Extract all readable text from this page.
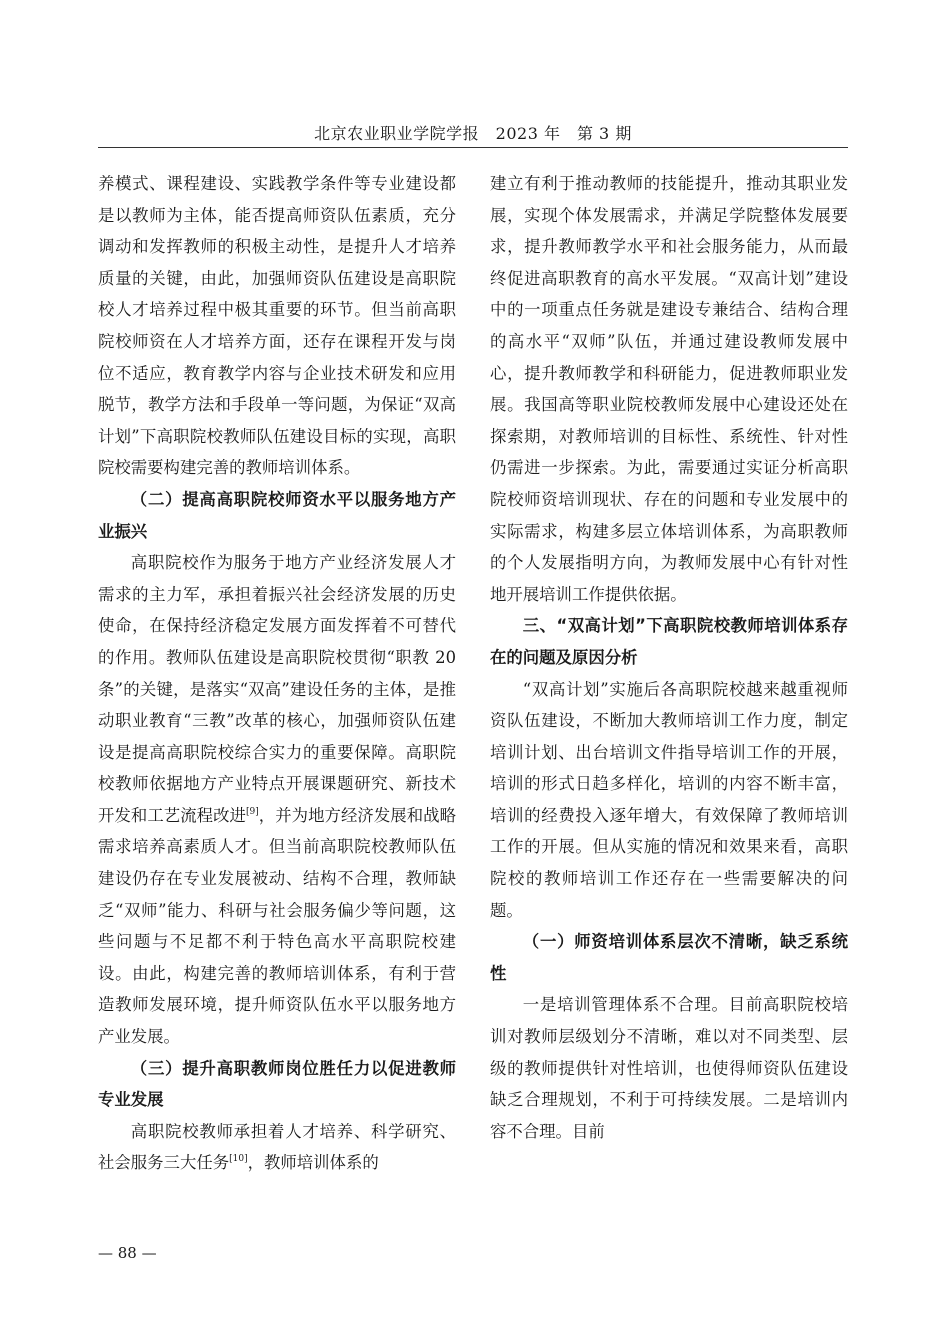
北京农业职业学院学报　2023 年　第 3 期

养模式、课程建设、实践教学条件等专业建设都是以教师为主体，能否提高师资队伍素质，充分调动和发挥教师的积极主动性，是提升人才培养质量的关键，由此，加强师资队伍建设是高职院校人才培养过程中极其重要的环节。但当前高职院校师资在人才培养方面，还存在课程开发与岗位不适应，教育教学内容与企业技术研发和应用脱节，教学方法和手段单一等问题，为保证“双高计划”下高职院校教师队伍建设目标的实现，高职院校需要构建完善的教师培训体系。

（二）提高高职院校师资水平以服务地方产业振兴

高职院校作为服务于地方产业经济发展人才需求的主力军，承担着振兴社会经济发展的历史使命，在保持经济稳定发展方面发挥着不可替代的作用。教师队伍建设是高职院校贯彻“职教 20 条”的关键，是落实“双高”建设任务的主体，是推动职业教育“三教”改革的核心，加强师资队伍建设是提高高职院校综合实力的重要保障。高职院校教师依据地方产业特点开展课题研究、新技术开发和工艺流程改进[9]，并为地方经济发展和战略需求培养高素质人才。但当前高职院校教师队伍建设仍存在专业发展被动、结构不合理，教师缺乏“双师”能力、科研与社会服务偏少等问题，这些问题与不足都不利于特色高水平高职院校建设。由此，构建完善的教师培训体系，有利于营造教师发展环境，提升师资队伍水平以服务地方产业发展。

（三）提升高职教师岗位胜任力以促进教师专业发展

高职院校教师承担着人才培养、科学研究、社会服务三大任务[10]，教师培训体系的

建立有利于推动教师的技能提升，推动其职业发展，实现个体发展需求，并满足学院整体发展要求，提升教师教学水平和社会服务能力，从而最终促进高职教育的高水平发展。“双高计划”建设中的一项重点任务就是建设专兼结合、结构合理的高水平“双师”队伍，并通过建设教师发展中心，提升教师教学和科研能力，促进教师职业发展。我国高等职业院校教师发展中心建设还处在探索期，对教师培训的目标性、系统性、针对性仍需进一步探索。为此，需要通过实证分析高职院校师资培训现状、存在的问题和专业发展中的实际需求，构建多层立体培训体系，为高职教师的个人发展指明方向，为教师发展中心有针对性地开展培训工作提供依据。

三、“双高计划”下高职院校教师培训体系存在的问题及原因分析

“双高计划”实施后各高职院校越来越重视师资队伍建设，不断加大教师培训工作力度，制定培训计划、出台培训文件指导培训工作的开展，培训的形式日趋多样化，培训的内容不断丰富，培训的经费投入逐年增大，有效保障了教师培训工作的开展。但从实施的情况和效果来看，高职院校的教师培训工作还存在一些需要解决的问题。

（一）师资培训体系层次不清晰，缺乏系统性

一是培训管理体系不合理。目前高职院校培训对教师层级划分不清晰，难以对不同类型、层级的教师提供针对性培训，也使得师资队伍建设缺乏合理规划，不利于可持续发展。二是培训内容不合理。目前

— 88 —
